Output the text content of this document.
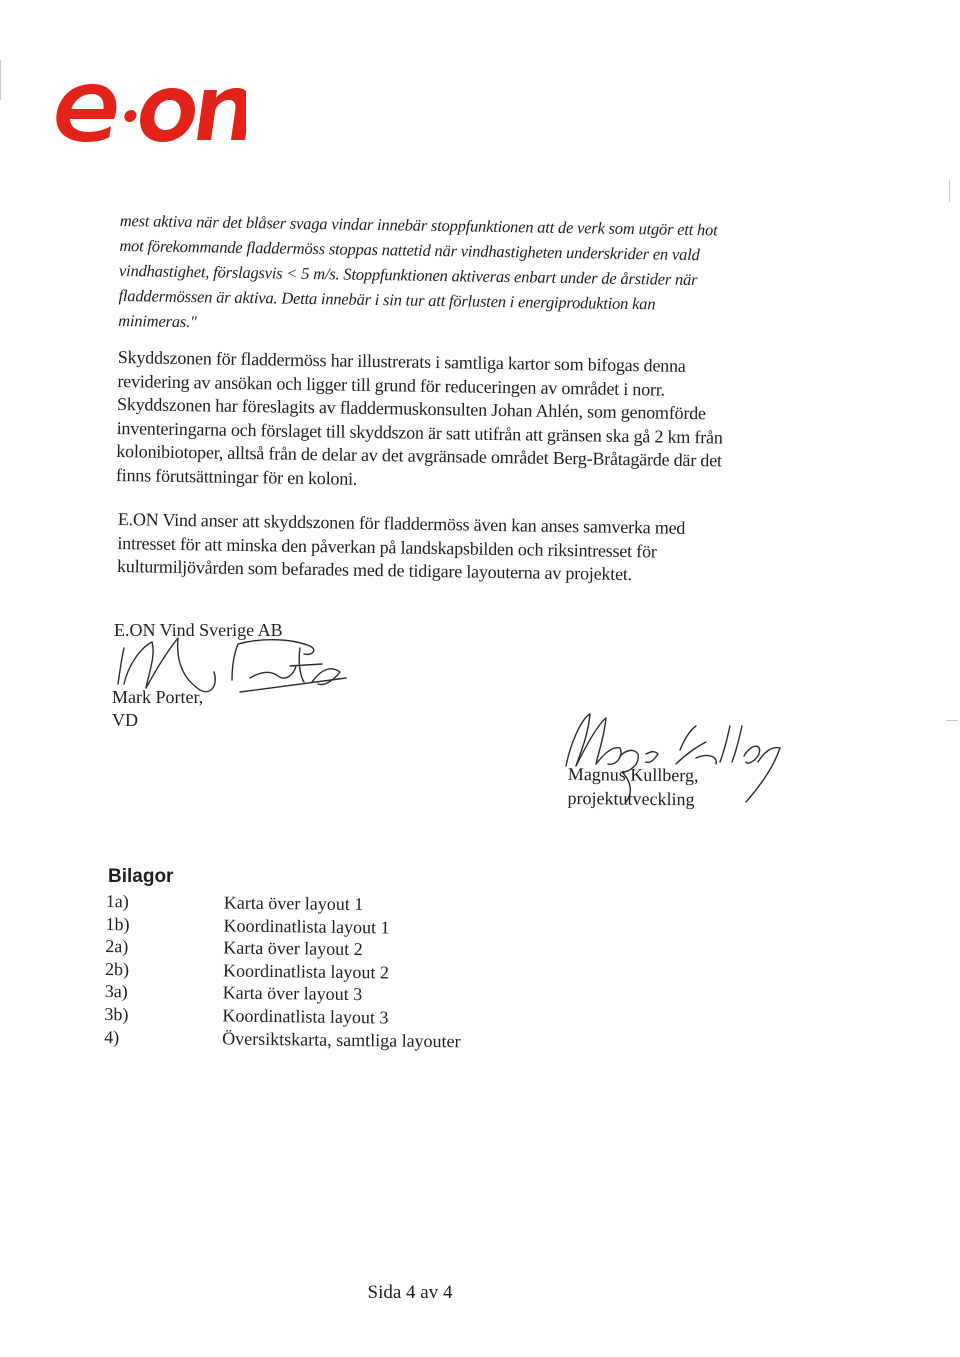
mest aktiva när det blåser svaga vindar innebär stoppfunktionen att de verk som utgör ett hot
mot förekommande fladdermöss stoppas nattetid när vindhastigheten underskrider en vald
vindhastighet, förslagsvis < 5 m/s. Stoppfunktionen aktiveras enbart under de årstider när
fladdermössen är aktiva. Detta innebär i sin tur att förlusten i energiproduktion kan
minimeras."
Skyddszonen för fladdermöss har illustrerats i samtliga kartor som bifogas denna
revidering av ansökan och ligger till grund för reduceringen av området i norr.
Skyddszonen har föreslagits av fladdermuskonsulten Johan Ahlén, som genomförde
inventeringarna och förslaget till skyddszon är satt utifrån att gränsen ska gå 2 km från
kolonibiotoper, alltså från de delar av det avgränsade området Berg-Bråtagärde där det
finns förutsättningar för en koloni.
E.ON Vind anser att skyddszonen för fladdermöss även kan anses samverka med
intresset för att minska den påverkan på landskapsbilden och riksintresset för
kulturmiljövården som befarades med de tidigare layouterna av projektet.
E.ON Vind Sverige AB
Mark Porter,
VD
Magnus Kullberg,
projektutveckling
Bilagor
1a)	Karta över layout 1
1b)	Koordinatlista layout 1
2a)	Karta över layout 2
2b)	Koordinatlista layout 2
3a)	Karta över layout 3
3b)	Koordinatlista layout 3
4)	Översiktskarta, samtliga layouter
Sida 4 av 4
